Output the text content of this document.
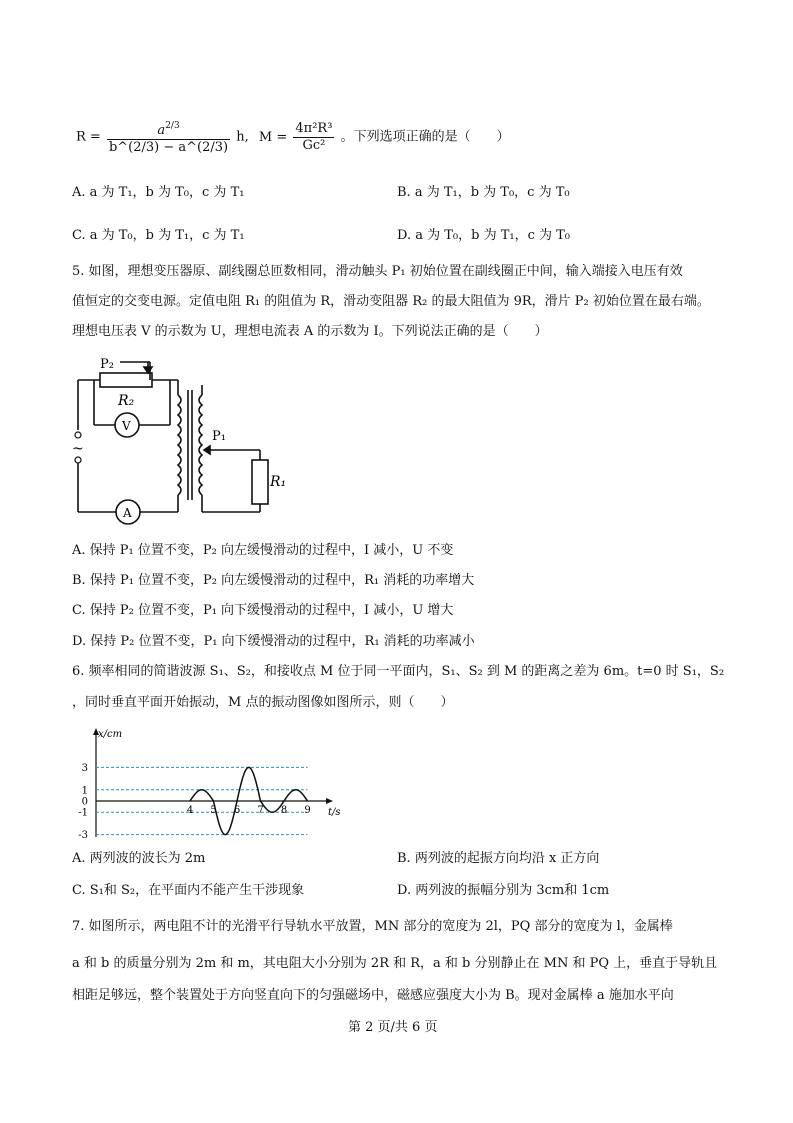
$R = \frac{a^{2/3}}{b\^{}(2/3) - a\^{}(2/3)} h$, $M = \frac{\text{4π²R³}}{\text{Gc²}}$ 。下列选项正确的是（　　）
A. a 为 T₁，b 为 T₀，c 为 T₁	B. a 为 T₁，b 为 T₀，c 为 T₀
C. a 为 T₀，b 为 T₁，c 为 T₁	D. a 为 T₀，b 为 T₁，c 为 T₀
5. 如图，理想变压器原、副线圈总匝数相同，滑动触头 P₁ 初始位置在副线圈正中间，输入端接入电压有效
值恒定的交变电源。定值电阻 R₁ 的阻值为 R，滑动变阻器 R₂ 的最大阻值为 9R，滑片 P₂ 初始位置在最右端。
理想电压表 V 的示数为 U，理想电流表 A 的示数为 I。下列说法正确的是（　　）
~
P₂
R₂
V
P₁
R₁
A
A. 保持 P₁ 位置不变，P₂ 向左缓慢滑动的过程中，I 减小，U 不变
B. 保持 P₁ 位置不变，P₂ 向左缓慢滑动的过程中，R₁ 消耗的功率增大
C. 保持 P₂ 位置不变，P₁ 向下缓慢滑动的过程中，I 减小，U 增大
D. 保持 P₂ 位置不变，P₁ 向下缓慢滑动的过程中，R₁ 消耗的功率减小
6. 频率相同的简谐波源 S₁、S₂，和接收点 M 位于同一平面内，S₁、S₂ 到 M 的距离之差为 6m。t=0 时 S₁，S₂
，同时垂直平面开始振动，M 点的振动图像如图所示，则（　　）
x/cm
t/s
3
1
0
-1
-3
4 5 6 7 8 9
A. 两列波的波长为 2m	B. 两列波的起振方向均沿 x 正方向
C. S₁和 S₂，在平面内不能产生干涉现象	D. 两列波的振幅分别为 3cm和 1cm
7. 如图所示，两电阻不计的光滑平行导轨水平放置，MN 部分的宽度为 2l，PQ 部分的宽度为 l，金属棒
a 和 b 的质量分别为 2m 和 m，其电阻大小分别为 2R 和 R，a 和 b 分别静止在 MN 和 PQ 上，垂直于导轨且
相距足够远，整个装置处于方向竖直向下的匀强磁场中，磁感应强度大小为 B。现对金属棒 a 施加水平向
第 2 页/共 6 页
